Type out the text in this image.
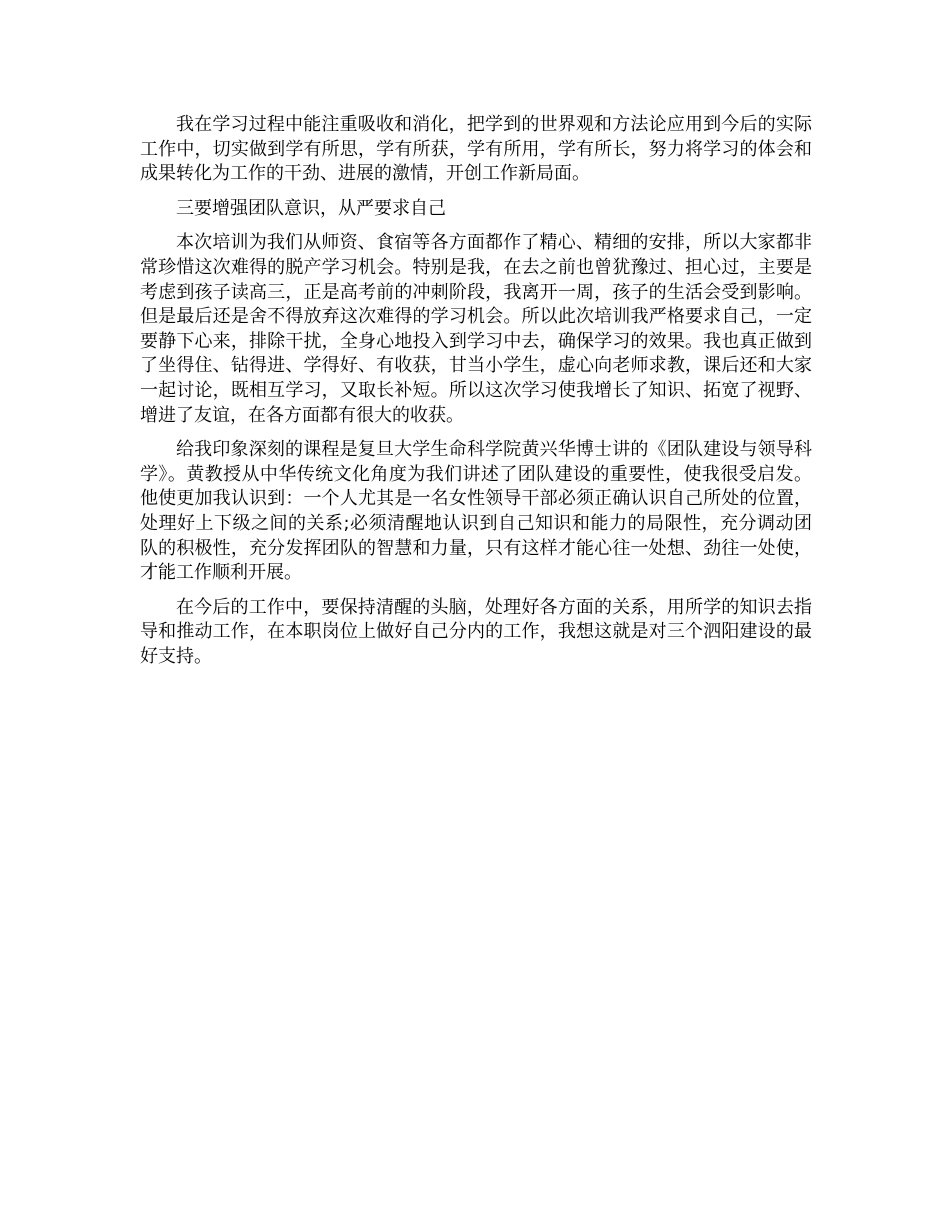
我在学习过程中能注重吸收和消化，把学到的世界观和方法论应用到今后的实际工作中，切实做到学有所思，学有所获，学有所用，学有所长，努力将学习的体会和成果转化为工作的干劲、进展的激情，开创工作新局面。

三要增强团队意识，从严要求自己

本次培训为我们从师资、食宿等各方面都作了精心、精细的安排，所以大家都非常珍惜这次难得的脱产学习机会。特别是我，在去之前也曾犹豫过、担心过，主要是考虑到孩子读高三，正是高考前的冲刺阶段，我离开一周，孩子的生活会受到影响。但是最后还是舍不得放弃这次难得的学习机会。所以此次培训我严格要求自己，一定要静下心来，排除干扰，全身心地投入到学习中去，确保学习的效果。我也真正做到了坐得住、钻得进、学得好、有收获，甘当小学生，虚心向老师求教，课后还和大家一起讨论，既相互学习，又取长补短。所以这次学习使我增长了知识、拓宽了视野、增进了友谊，在各方面都有很大的收获。

给我印象深刻的课程是复旦大学生命科学院黄兴华博士讲的《团队建设与领导科学》。黄教授从中华传统文化角度为我们讲述了团队建设的重要性，使我很受启发。他使更加我认识到：一个人尤其是一名女性领导干部必须正确认识自己所处的位置，处理好上下级之间的关系;必须清醒地认识到自己知识和能力的局限性，充分调动团队的积极性，充分发挥团队的智慧和力量，只有这样才能心往一处想、劲往一处使，才能工作顺利开展。

在今后的工作中，要保持清醒的头脑，处理好各方面的关系，用所学的知识去指导和推动工作，在本职岗位上做好自己分内的工作，我想这就是对三个泗阳建设的最好支持。
